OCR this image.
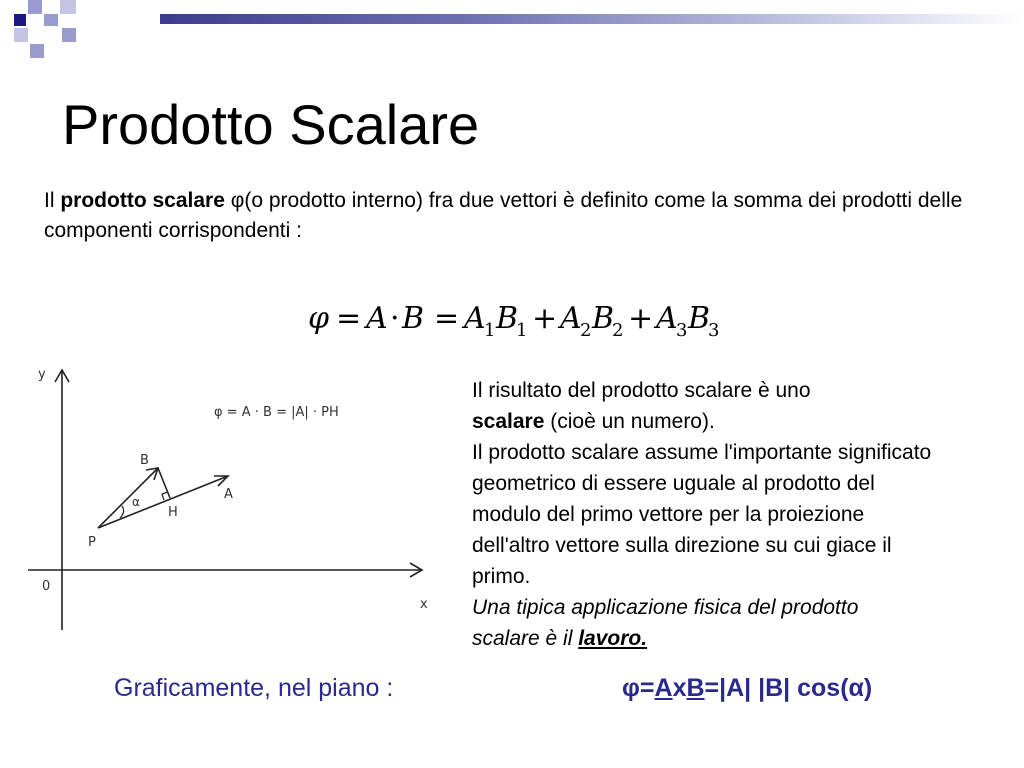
Prodotto Scalare
Il prodotto scalare φ(o prodotto interno) fra due vettori è definito come la somma dei prodotti delle componenti corrispondenti :
φ = A · B = A
1 B
1 + A
2 B
2 + A
3 B
3
y
x
0
φ = A · B = |A| · PH
P
A
B
H
α
Il risultato del prodotto scalare è uno
scalare (cioè un numero).
Il prodotto scalare assume l'importante significato geometrico di essere uguale al prodotto del modulo del primo vettore per la proiezione dell'altro vettore sulla direzione su cui giace il primo.
Una tipica applicazione fisica del prodotto scalare è il lavoro.
Graficamente, nel piano :	φ=AxB=|A| |B| cos(α)
